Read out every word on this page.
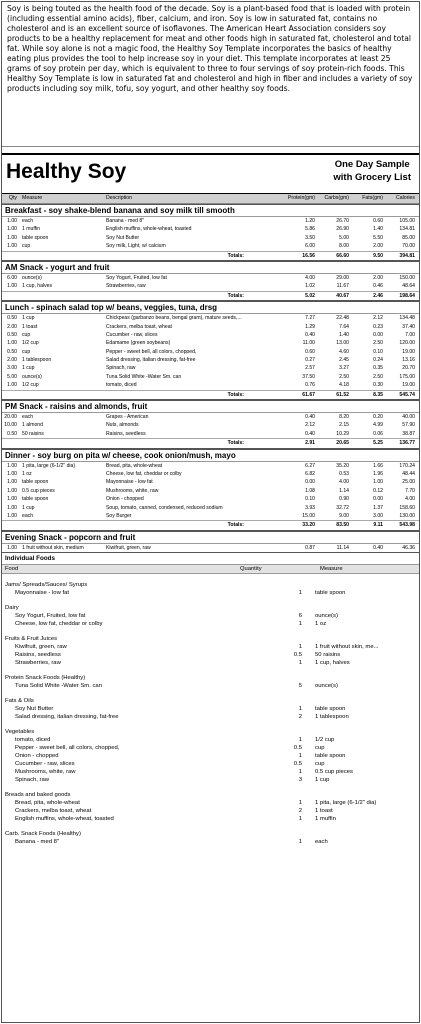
Soy is being touted as the health food of the decade. Soy is a plant-based food that is loaded with protein (including essential amino acids), fiber, calcium, and iron. Soy is low in saturated fat, contains no cholesterol and is an excellent source of isoflavones. The American Heart Association considers soy products to be a healthy replacement for meat and other foods high in saturated fat, cholesterol and total fat. While soy alone is not a magic food, the Healthy Soy Template incorporates the basics of healthy eating plus provides the tool to help increase soy in your diet. This template incorporates at least 25 grams of soy protein per day, which is equivalent to three to four servings of soy protein-rich foods. This Healthy Soy Template is low in saturated fat and cholesterol and high in fiber and includes a variety of soy products including soy milk, tofu, soy yogurt, and other healthy soy foods.
Healthy Soy	One Day Sample
with Grocery List
Qty Measure	Description	Protein(gm)	Carbs(gm)	Fats(gm)	Calories
Breakfast - soy shake-blend banana and soy milk till smooth
1.00 each	Banana - med 8"	1.20	26.70	0.60	105.00
1.00 1 muffin	English muffins, whole-wheat, toasted	5.86	26.90	1.40	134.81
1.00 table spoon	Soy Nut Butter	3.50	5.00	5.50	85.00
1.00 cup	Soy milk, Light, w/ calcium	6.00	8.00	2.00	70.00
Totals:	16.56	66.60	9.50	394.81
AM Snack - yogurt and fruit
6.00 ounce(s)	Soy Yogurt, Fruited, low fat	4.00	29.00	2.00	150.00
1.00 1 cup, halves	Strawberries, raw	1.02	11.67	0.46	48.64
Totals:	5.02	40.67	2.46	198.64
Lunch - spinach salad top w/ beans, veggies, tuna, drsg
0.50 1 cup	Chickpeas (garbanzo beans, bengal gram), mature seeds,...	7.27	22.48	2.12	134.48
2.00 1 toast	Crackers, melba toast, wheat	1.29	7.64	0.23	37.40
0.50 cup	Cucumber - raw, slices	0.40	1.40	0.00	7.00
1.00 1/2 cup	Edamame (green soybeans)	11.00	13.00	2.50	120.00
0.50 cup	Pepper - sweet bell, all colors, chopped,	0.60	4.60	0.10	19.00
2.00 1 tablespoon	Salad dressing, italian dressing, fat-free	0.27	2.45	0.24	13.16
3.00 1 cup	Spinach, raw	2.57	3.27	0.35	20.70
5.00 ounce(s)	Tuna Solid White -Water Sm. can	37.50	2.50	2.50	175.00
1.00 1/2 cup	tomato, diced	0.76	4.18	0.30	19.00
Totals:	61.67	61.52	8.35	545.74
PM Snack - raisins and almonds, fruit
20.00 each	Grapes - American	0.40	8.20	0.20	40.00
10.00 1 almond	Nuts, almonds	2.12	2.15	4.99	57.90
0.50 50 raisins	Raisins, seedless	0.40	10.29	0.06	38.87
Totals:	2.91	20.65	5.25	136.77
Dinner - soy burg on pita w/ cheese, cook onion/mush, mayo
1.00 1 pita, large (6-1/2" dia)	Bread, pita, whole-wheat	6.27	35.20	1.66	170.24
1.00 1 oz	Cheese, low fat, cheddar or colby	6.82	0.53	1.96	48.44
1.00 table spoon	Mayonnaise - low fat	0.00	4.00	1.00	25.00
1.00 0.5 cup pieces	Mushrooms, white, raw	1.08	1.14	0.12	7.70
1.00 table spoon	Onion - chopped	0.10	0.90	0.00	4.00
1.00 1 cup	Soup, tomato, canned, condensed, reduced sodium	3.93	32.72	1.37	158.60
1.00 each	Soy Burger	15.00	9.00	3.00	130.00
Totals:	33.20	83.50	9.11	543.98
Evening Snack - popcorn and fruit
1.00 1 fruit without skin, medium	Kiwifruit, green, raw	0.87	11.14	0.40	46.36
Individual Foods
Food	Quantity	Measure
Jams/ Spreads/Sauces/ Syrups
Mayonnaise - low fat	1	table spoon
Dairy
Soy Yogurt, Fruited, low fat	6	ounce(s)
Cheese, low fat, cheddar or colby	1	1 oz
Fruits & Fruit Juices
Kiwifruit, green, raw	1	1 fruit without skin, me...
Raisins, seedless	0.5	50 raisins
Strawberries, raw	1	1 cup, halves
Protein Snack Foods (Healthy)
Tuna Solid White -Water Sm. can	5	ounce(s)
Fats & Oils
Soy Nut Butter	1	table spoon
Salad dressing, italian dressing, fat-free	2	1 tablespoon
Vegetables
tomato, diced	1	1/2 cup
Pepper - sweet bell, all colors, chopped,	0.5	cup
Onion - chopped	1	table spoon
Cucumber - raw, slices	0.5	cup
Mushrooms, white, raw	1	0.5 cup pieces
Spinach, raw	3	1 cup
Breads and baked goods
Bread, pita, whole-wheat	1	1 pita, large (6-1/2" dia)
Crackers, melba toast, wheat	2	1 toast
English muffins, whole-wheat, toasted	1	1 muffin
Carb. Snack Foods (Healthy)
Banana - med 8"	1	each
